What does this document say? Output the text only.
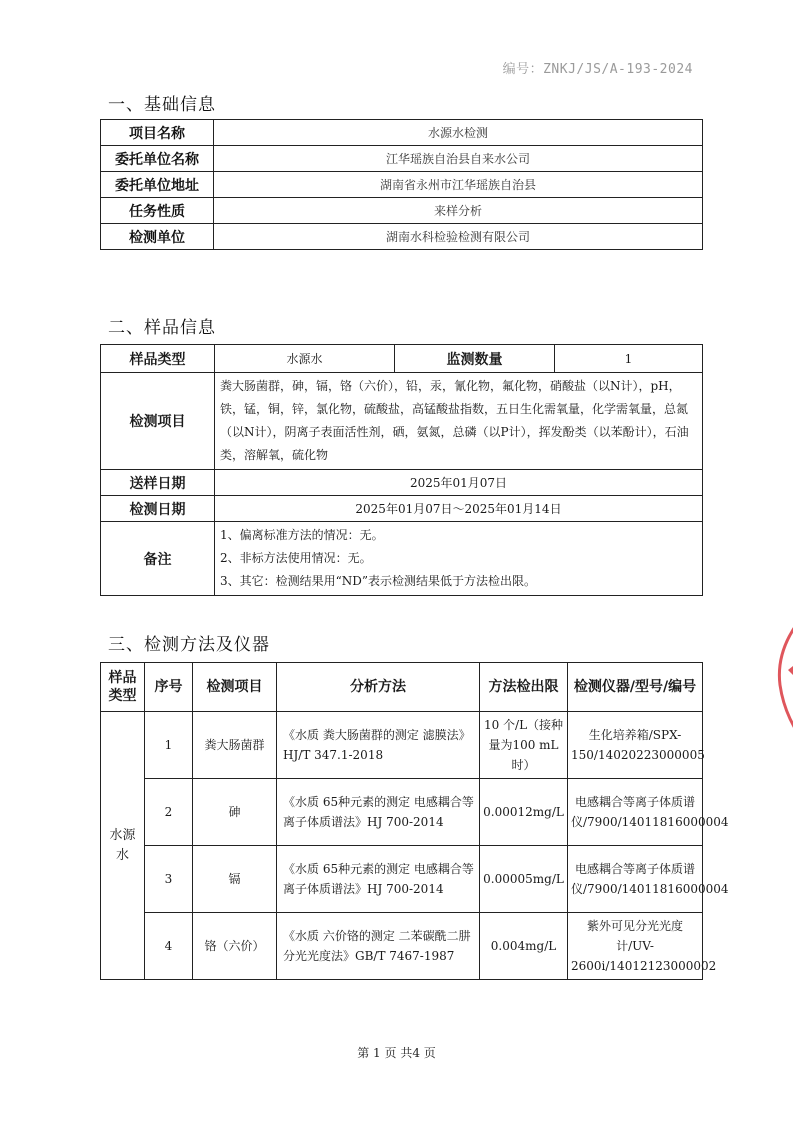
编号：ZNKJ/JS/A-193-2024
一、基础信息
项目名称	水源水检测
委托单位名称	江华瑶族自治县自来水公司
委托单位地址	湖南省永州市江华瑶族自治县
任务性质	来样分析
检测单位	湖南水科检验检测有限公司
二、样品信息
样品类型	水源水	监测数量	1
检测项目	粪大肠菌群，砷，镉，铬（六价），铅，汞，氰化物，氟化物，硝酸盐（以N计），pH，铁，锰，铜，锌，氯化物，硫酸盐，高锰酸盐指数，五日生化需氧量，化学需氧量，总氮（以N计），阴离子表面活性剂，硒，氨氮，总磷（以P计），挥发酚类（以苯酚计），石油类，溶解氧，硫化物		
送样日期	2025年01月07日		
检测日期	2025年01月07日～2025年01月14日		
备注	1、偏离标准方法的情况：无。
2、非标方法使用情况：无。
3、其它：检测结果用“ND”表示检测结果低于方法检出限。		
三、检测方法及仪器
样品类型	序号	检测项目	分析方法	方法检出限	检测仪器/型号/编号
水源水	1	粪大肠菌群	《水质 粪大肠菌群的测定 滤膜法》HJ/T 347.1-2018	10 个/L（接种量为100 mL时）	生化培养箱/SPX-150/14020223000005
	2	砷	《水质 65种元素的测定 电感耦合等离子体质谱法》HJ 700-2014	0.00012mg/L	电感耦合等离子体质谱仪/7900/14011816000004
	3	镉	《水质 65种元素的测定 电感耦合等离子体质谱法》HJ 700-2014	0.00005mg/L	电感耦合等离子体质谱仪/7900/14011816000004
	4	铬（六价）	《水质 六价铬的测定 二苯碳酰二肼分光光度法》GB/T 7467-1987	0.004mg/L	紫外可见分光光度计/UV-2600i/14012123000002
第 1 页 共4 页
